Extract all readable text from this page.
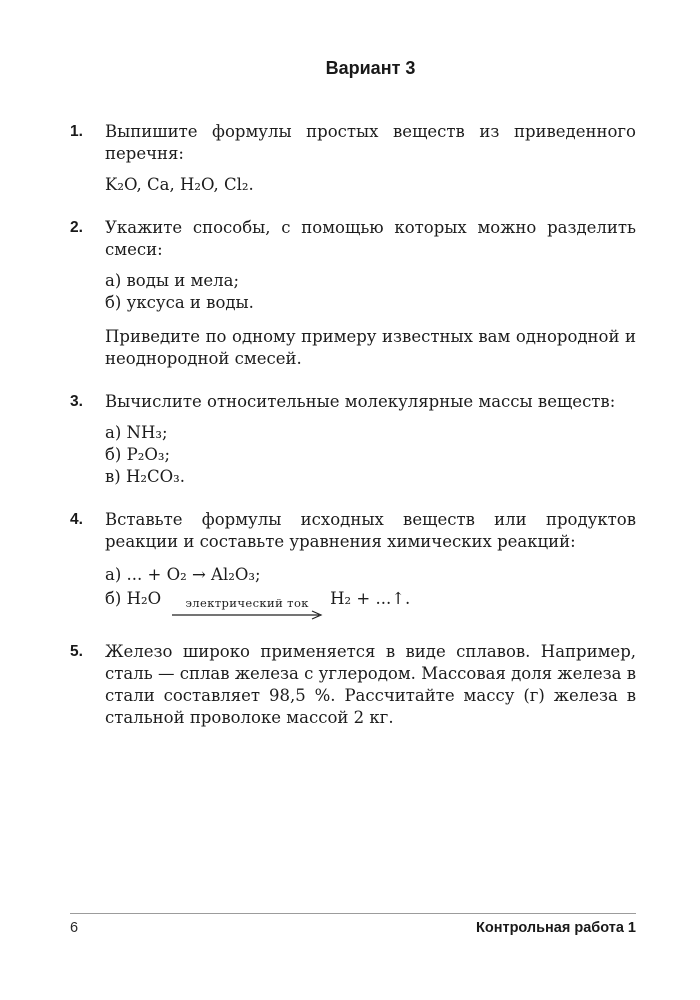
Вариант 3
1.	Выпишите формулы простых веществ из приведенного перечня:
K₂O, Ca, H₂O, Cl₂.
2.	Укажите способы, с помощью которых можно разделить смеси:
а) воды и мела;
б) уксуса и воды.
Приведите по одному примеру известных вам однородной и неоднородной смесей.
3.	Вычислите относительные молекулярные массы веществ:
а) NH₃;
б) P₂O₃;
в) H₂CO₃.
4.	Вставьте формулы исходных веществ или продуктов реакции и составьте уравнения химических реакций:
а) ... + O₂ → Al₂O₃;
б) H₂O электрический ток H₂ + ...↑.
5.	Железо широко применяется в виде сплавов. Например, сталь — сплав железа с углеродом. Массовая доля железа в стали составляет 98,5 %. Рассчитайте массу (г) железа в стальной проволоке массой 2 кг.
6	Контрольная работа 1
